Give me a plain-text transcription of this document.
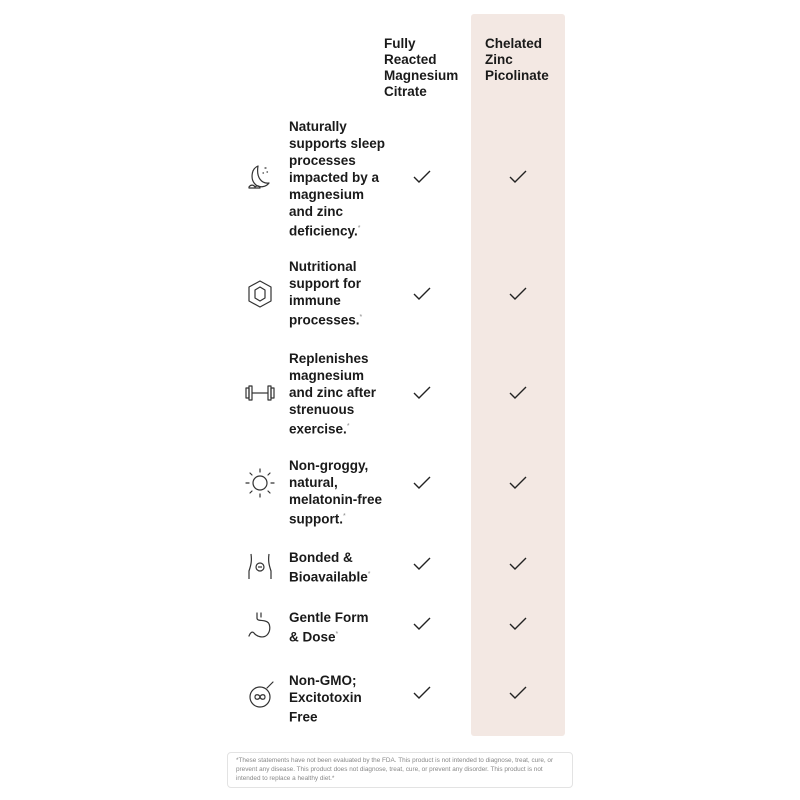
Fully
Reacted
Magnesium
Citrate
Chelated
Zinc
Picolinate
Naturally
supports sleep
processes
impacted by a
magnesium
and zinc
deficiency.*
Nutritional
support for
immune
processes.*
Replenishes
magnesium
and zinc after
strenuous
exercise.*
Non-groggy,
natural,
melatonin-free
support.*
Bonded &
Bioavailable*
Gentle Form
& Dose*
Non-GMO;
Excitotoxin
Free
*These statements have not been evaluated by the FDA. This product is not intended to diagnose, treat, cure, or prevent any disease. This product does not diagnose, treat, cure, or prevent any disorder. This product is not intended to replace a healthy diet.*
